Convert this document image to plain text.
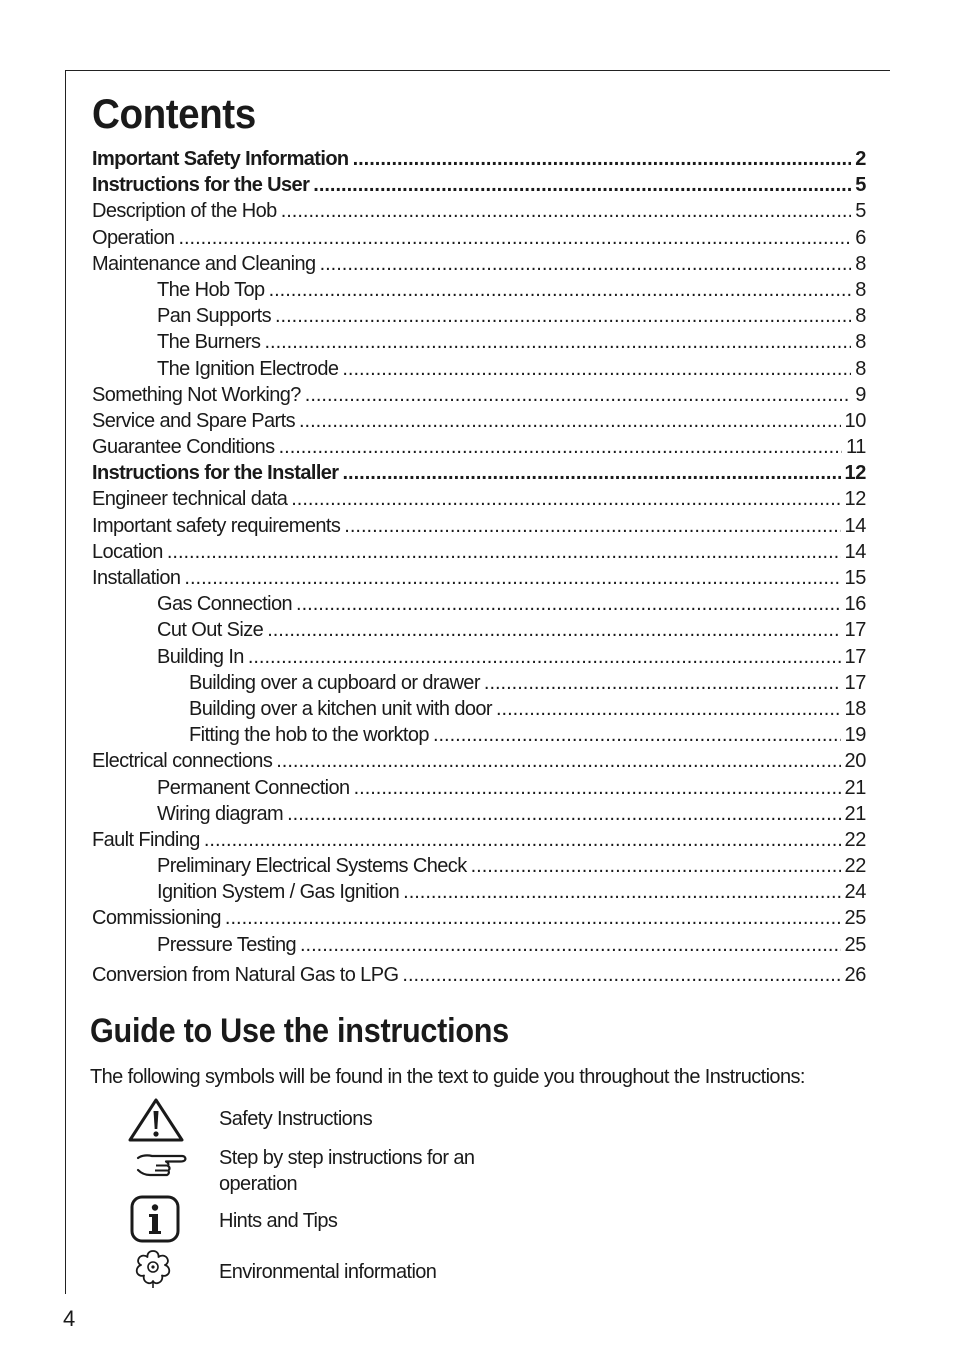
Contents
Important Safety Information .....	2
Instructions for the User .....	5
Description of the Hob .....	5
Operation .....	6
Maintenance and Cleaning .....	8
The Hob Top .....	8
Pan Supports .....	8
The Burners .....	8
The Ignition Electrode .....	8
Something Not Working? .....	9
Service and Spare Parts .....	10
Guarantee Conditions .....	11
Instructions for the Installer .....	12
Engineer technical data .....	12
Important safety requirements .....	14
Location .....	14
Installation .....	15
Gas Connection .....	16
Cut Out Size .....	17
Building In .....	17
Building over a cupboard or drawer .....	17
Building over a kitchen unit with door .....	18
Fitting the hob to the worktop .....	19
Electrical connections .....	20
Permanent Connection .....	21
Wiring diagram .....	21
Fault Finding .....	22
Preliminary Electrical Systems Check .....	22
Ignition System / Gas Ignition .....	24
Commissioning .....	25
Pressure Testing .....	25
Conversion from Natural Gas to LPG .....	26
Guide to Use the instructions
The following symbols will be found in the text to guide you throughout the Instructions:
Safety Instructions
Step by step instructions for an operation
Hints and Tips
Environmental information
4
